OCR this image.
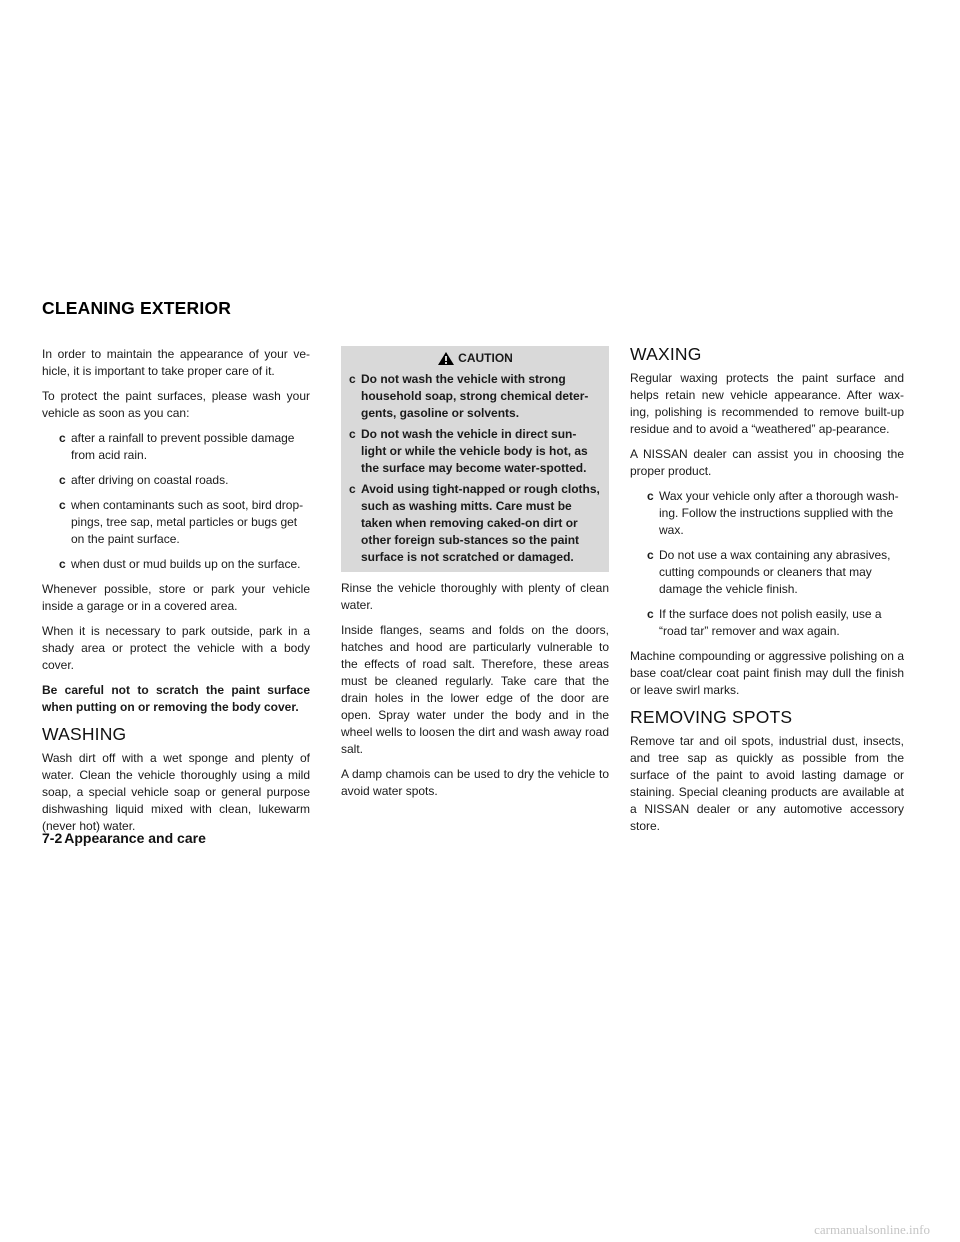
CLEANING EXTERIOR

In order to maintain the appearance of your ve-hicle, it is important to take proper care of it.

To protect the paint surfaces, please wash your vehicle as soon as you can:

c after a rainfall to prevent possible damage from acid rain.
c after driving on coastal roads.
c when contaminants such as soot, bird drop-pings, tree sap, metal particles or bugs get on the paint surface.
c when dust or mud builds up on the surface.

Whenever possible, store or park your vehicle inside a garage or in a covered area.

When it is necessary to park outside, park in a shady area or protect the vehicle with a body cover.

Be careful not to scratch the paint surface when putting on or removing the body cover.

WASHING

Wash dirt off with a wet sponge and plenty of water. Clean the vehicle thoroughly using a mild soap, a special vehicle soap or general purpose dishwashing liquid mixed with clean, lukewarm (never hot) water.

CAUTION
c Do not wash the vehicle with strong household soap, strong chemical deter-gents, gasoline or solvents.
c Do not wash the vehicle in direct sun-light or while the vehicle body is hot, as the surface may become water-spotted.
c Avoid using tight-napped or rough cloths, such as washing mitts. Care must be taken when removing caked-on dirt or other foreign sub-stances so the paint surface is not scratched or damaged.

Rinse the vehicle thoroughly with plenty of clean water.

Inside flanges, seams and folds on the doors, hatches and hood are particularly vulnerable to the effects of road salt. Therefore, these areas must be cleaned regularly. Take care that the drain holes in the lower edge of the door are open. Spray water under the body and in the wheel wells to loosen the dirt and wash away road salt.

A damp chamois can be used to dry the vehicle to avoid water spots.

WAXING

Regular waxing protects the paint surface and helps retain new vehicle appearance. After wax-ing, polishing is recommended to remove built-up residue and to avoid a “weathered” ap-pearance.

A NISSAN dealer can assist you in choosing the proper product.

c Wax your vehicle only after a thorough wash-ing. Follow the instructions supplied with the wax.
c Do not use a wax containing any abrasives, cutting compounds or cleaners that may damage the vehicle finish.
c If the surface does not polish easily, use a “road tar” remover and wax again.

Machine compounding or aggressive polishing on a base coat/clear coat paint finish may dull the finish or leave swirl marks.

REMOVING SPOTS

Remove tar and oil spots, industrial dust, insects, and tree sap as quickly as possible from the surface of the paint to avoid lasting damage or staining. Special cleaning products are available at a NISSAN dealer or any automotive accessory store.

7-2 Appearance and care
carmanualsonline.info
